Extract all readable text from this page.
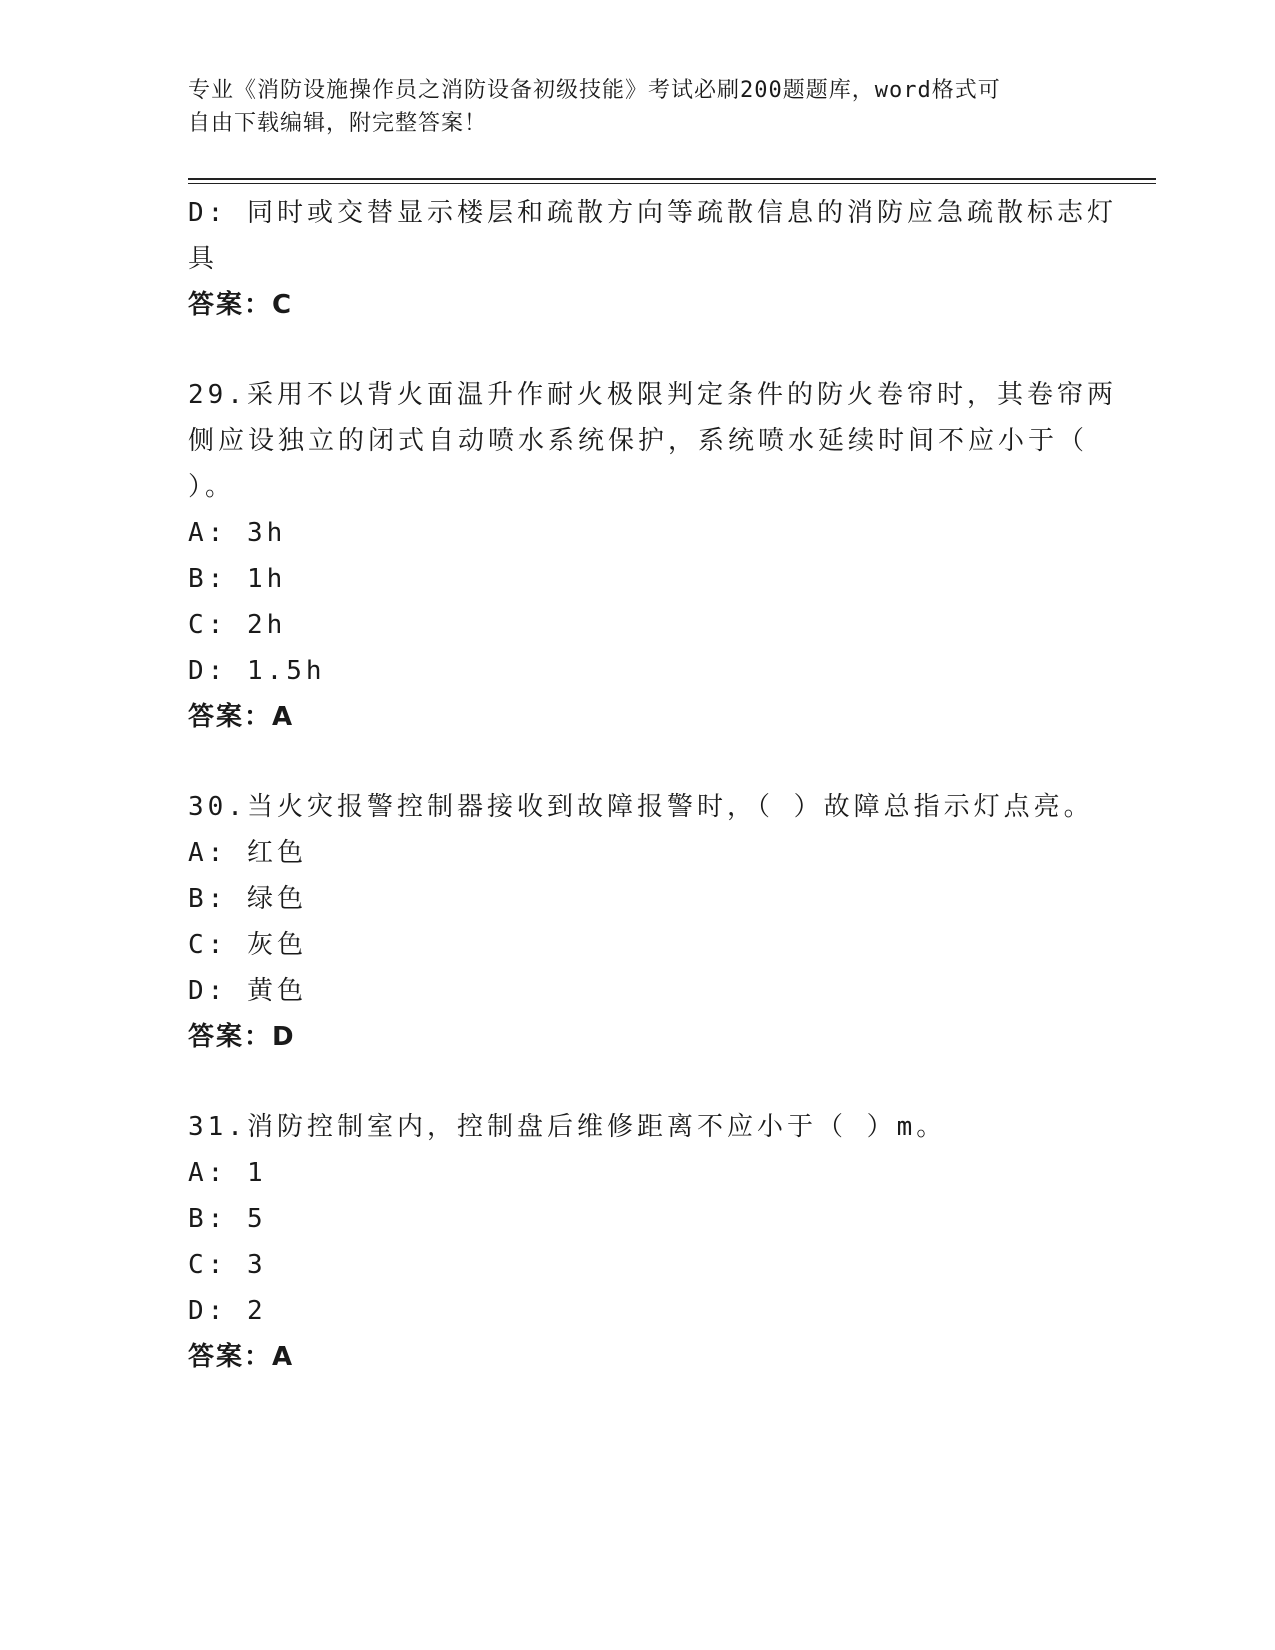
专业《消防设施操作员之消防设备初级技能》考试必刷200题题库，word格式可
自由下载编辑，附完整答案！
D: 同时或交替显示楼层和疏散方向等疏散信息的消防应急疏散标志灯
具
答案：C
29.采用不以背火面温升作耐火极限判定条件的防火卷帘时，其卷帘两
侧应设独立的闭式自动喷水系统保护，系统喷水延续时间不应小于（
）。
A: 3h
B: 1h
C: 2h
D: 1.5h
答案：A
30.当火灾报警控制器接收到故障报警时，（ ）故障总指示灯点亮。
A: 红色
B: 绿色
C: 灰色
D: 黄色
答案：D
31.消防控制室内，控制盘后维修距离不应小于（ ）m。
A: 1
B: 5
C: 3
D: 2
答案：A
